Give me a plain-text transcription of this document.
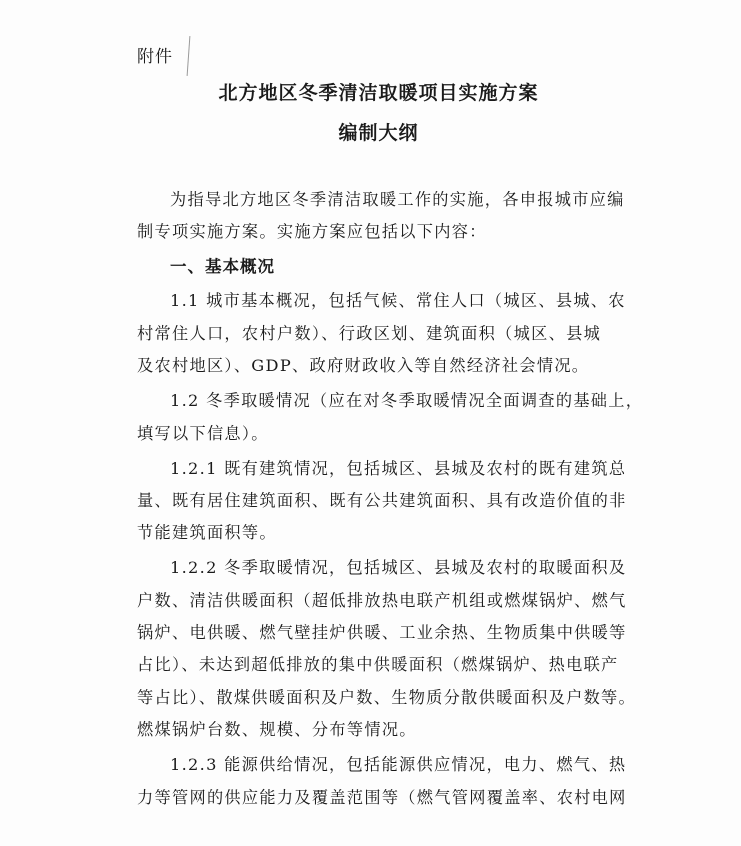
附件
北方地区冬季清洁取暖项目实施方案
编制大纲
为指导北方地区冬季清洁取暖工作的实施，各申报城市应编
制专项实施方案。实施方案应包括以下内容：
一、基本概况
1.1 城市基本概况，包括气候、常住人口（城区、县城、农
村常住人口，农村户数）、行政区划、建筑面积（城区、县城
及农村地区）、GDP、政府财政收入等自然经济社会情况。
1.2 冬季取暖情况（应在对冬季取暖情况全面调查的基础上，
填写以下信息）。
1.2.1 既有建筑情况，包括城区、县城及农村的既有建筑总
量、既有居住建筑面积、既有公共建筑面积、具有改造价值的非
节能建筑面积等。
1.2.2 冬季取暖情况，包括城区、县城及农村的取暖面积及
户数、清洁供暖面积（超低排放热电联产机组或燃煤锅炉、燃气
锅炉、电供暖、燃气壁挂炉供暖、工业余热、生物质集中供暖等
占比）、未达到超低排放的集中供暖面积（燃煤锅炉、热电联产
等占比）、散煤供暖面积及户数、生物质分散供暖面积及户数等。
燃煤锅炉台数、规模、分布等情况。
1.2.3 能源供给情况，包括能源供应情况，电力、燃气、热
力等管网的供应能力及覆盖范围等（燃气管网覆盖率、农村电网
